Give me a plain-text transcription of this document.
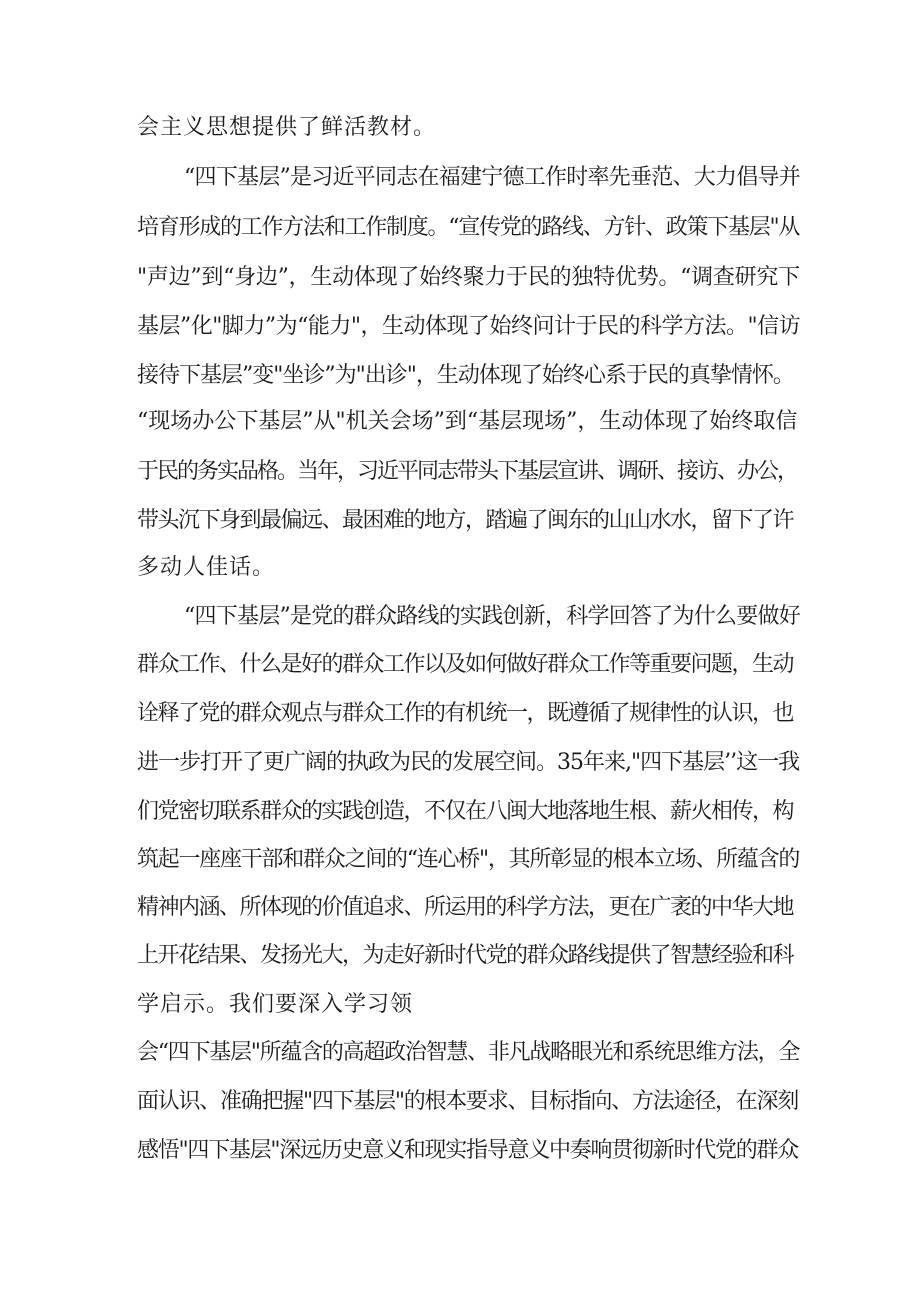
会主义思想提供了鲜活教材。
“四下基层”是习近平同志在福建宁德工作时率先垂范、大力倡导并
培育形成的工作方法和工作制度。“宣传党的路线、方针、政策下基层"从
"声边”到“身边”，生动体现了始终聚力于民的独特优势。“调查研究下
基层”化"脚力”为“能力"，生动体现了始终问计于民的科学方法。"信访
接待下基层”变"坐诊”为"出诊"，生动体现了始终心系于民的真挚情怀。
“现场办公下基层”从"机关会场”到“基层现场”，生动体现了始终取信
于民的务实品格。当年，习近平同志带头下基层宣讲、调研、接访、办公，
带头沉下身到最偏远、最困难的地方，踏遍了闽东的山山水水，留下了许
多动人佳话。
“四下基层”是党的群众路线的实践创新，科学回答了为什么要做好
群众工作、什么是好的群众工作以及如何做好群众工作等重要问题，生动
诠释了党的群众观点与群众工作的有机统一，既遵循了规律性的认识，也
进一步打开了更广阔的执政为民的发展空间。35年来,"四下基层’’这一我
们党密切联系群众的实践创造，不仅在八闽大地落地生根、薪火相传，构
筑起一座座干部和群众之间的“连心桥"，其所彰显的根本立场、所蕴含的
精神内涵、所体现的价值追求、所运用的科学方法，更在广袤的中华大地
上开花结果、发扬光大，为走好新时代党的群众路线提供了智慧经验和科
学启示。我们要深入学习领
会“四下基层"所蕴含的高超政治智慧、非凡战略眼光和系统思维方法，全
面认识、准确把握"四下基层"的根本要求、目标指向、方法途径，在深刻
感悟"四下基层"深远历史意义和现实指导意义中奏响贯彻新时代党的群众
